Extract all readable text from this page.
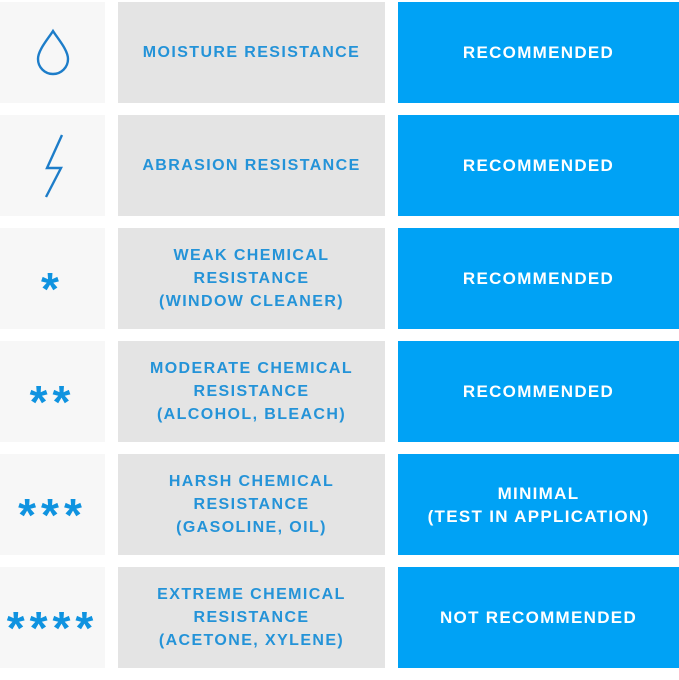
MOISTURE RESISTANCE	RECOMMENDED
ABRASION RESISTANCE	RECOMMENDED
*
WEAK CHEMICAL
RESISTANCE
(WINDOW CLEANER)
RECOMMENDED
**
MODERATE CHEMICAL
RESISTANCE
(ALCOHOL, BLEACH)
RECOMMENDED
***
HARSH CHEMICAL
RESISTANCE
(GASOLINE, OIL)
MINIMAL
(TEST IN APPLICATION)
****
EXTREME CHEMICAL
RESISTANCE
(ACETONE, XYLENE)
NOT RECOMMENDED
